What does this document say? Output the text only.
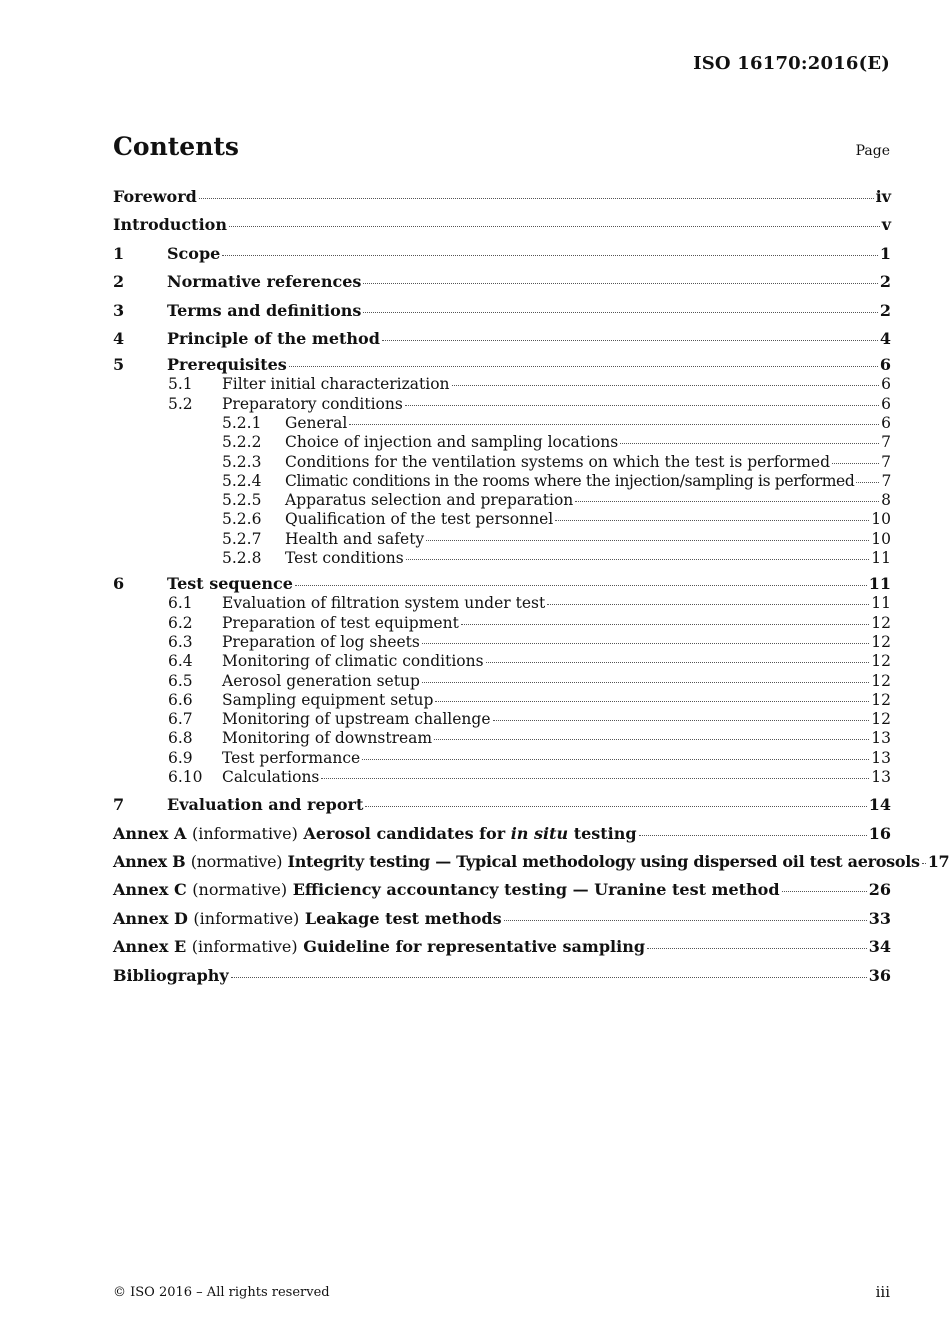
ISO 16170:2016(E)
Contents	Page
Foreword	iv
Introduction	v
1	Scope	1
2	Normative references	2
3	Terms and definitions	2
4	Principle of the method	4
5	Prerequisites	6
5.1	Filter initial characterization	6
5.2	Preparatory conditions	6
5.2.1	General	6
5.2.2	Choice of injection and sampling locations	7
5.2.3	Conditions for the ventilation systems on which the test is performed	7
5.2.4	Climatic conditions in the rooms where the injection/sampling is performed 7
5.2.5	Apparatus selection and preparation	8
5.2.6	Qualification of the test personnel	10
5.2.7	Health and safety	10
5.2.8	Test conditions	11
6	Test sequence	11
6.1	Evaluation of filtration system under test	11
6.2	Preparation of test equipment	12
6.3	Preparation of log sheets	12
6.4	Monitoring of climatic conditions	12
6.5	Aerosol generation setup	12
6.6	Sampling equipment setup	12
6.7	Monitoring of upstream challenge	12
6.8	Monitoring of downstream	13
6.9	Test performance	13
6.10	Calculations	13
7	Evaluation and report	14
Annex A (informative) Aerosol candidates for in situ testing	16
Annex B (normative) Integrity testing — Typical methodology using dispersed oil test aerosols 17
Annex C (normative) Efficiency accountancy testing — Uranine test method	26
Annex D (informative) Leakage test methods	33
Annex E (informative) Guideline for representative sampling	34
Bibliography	36
© ISO 2016 – All rights reserved	iii
